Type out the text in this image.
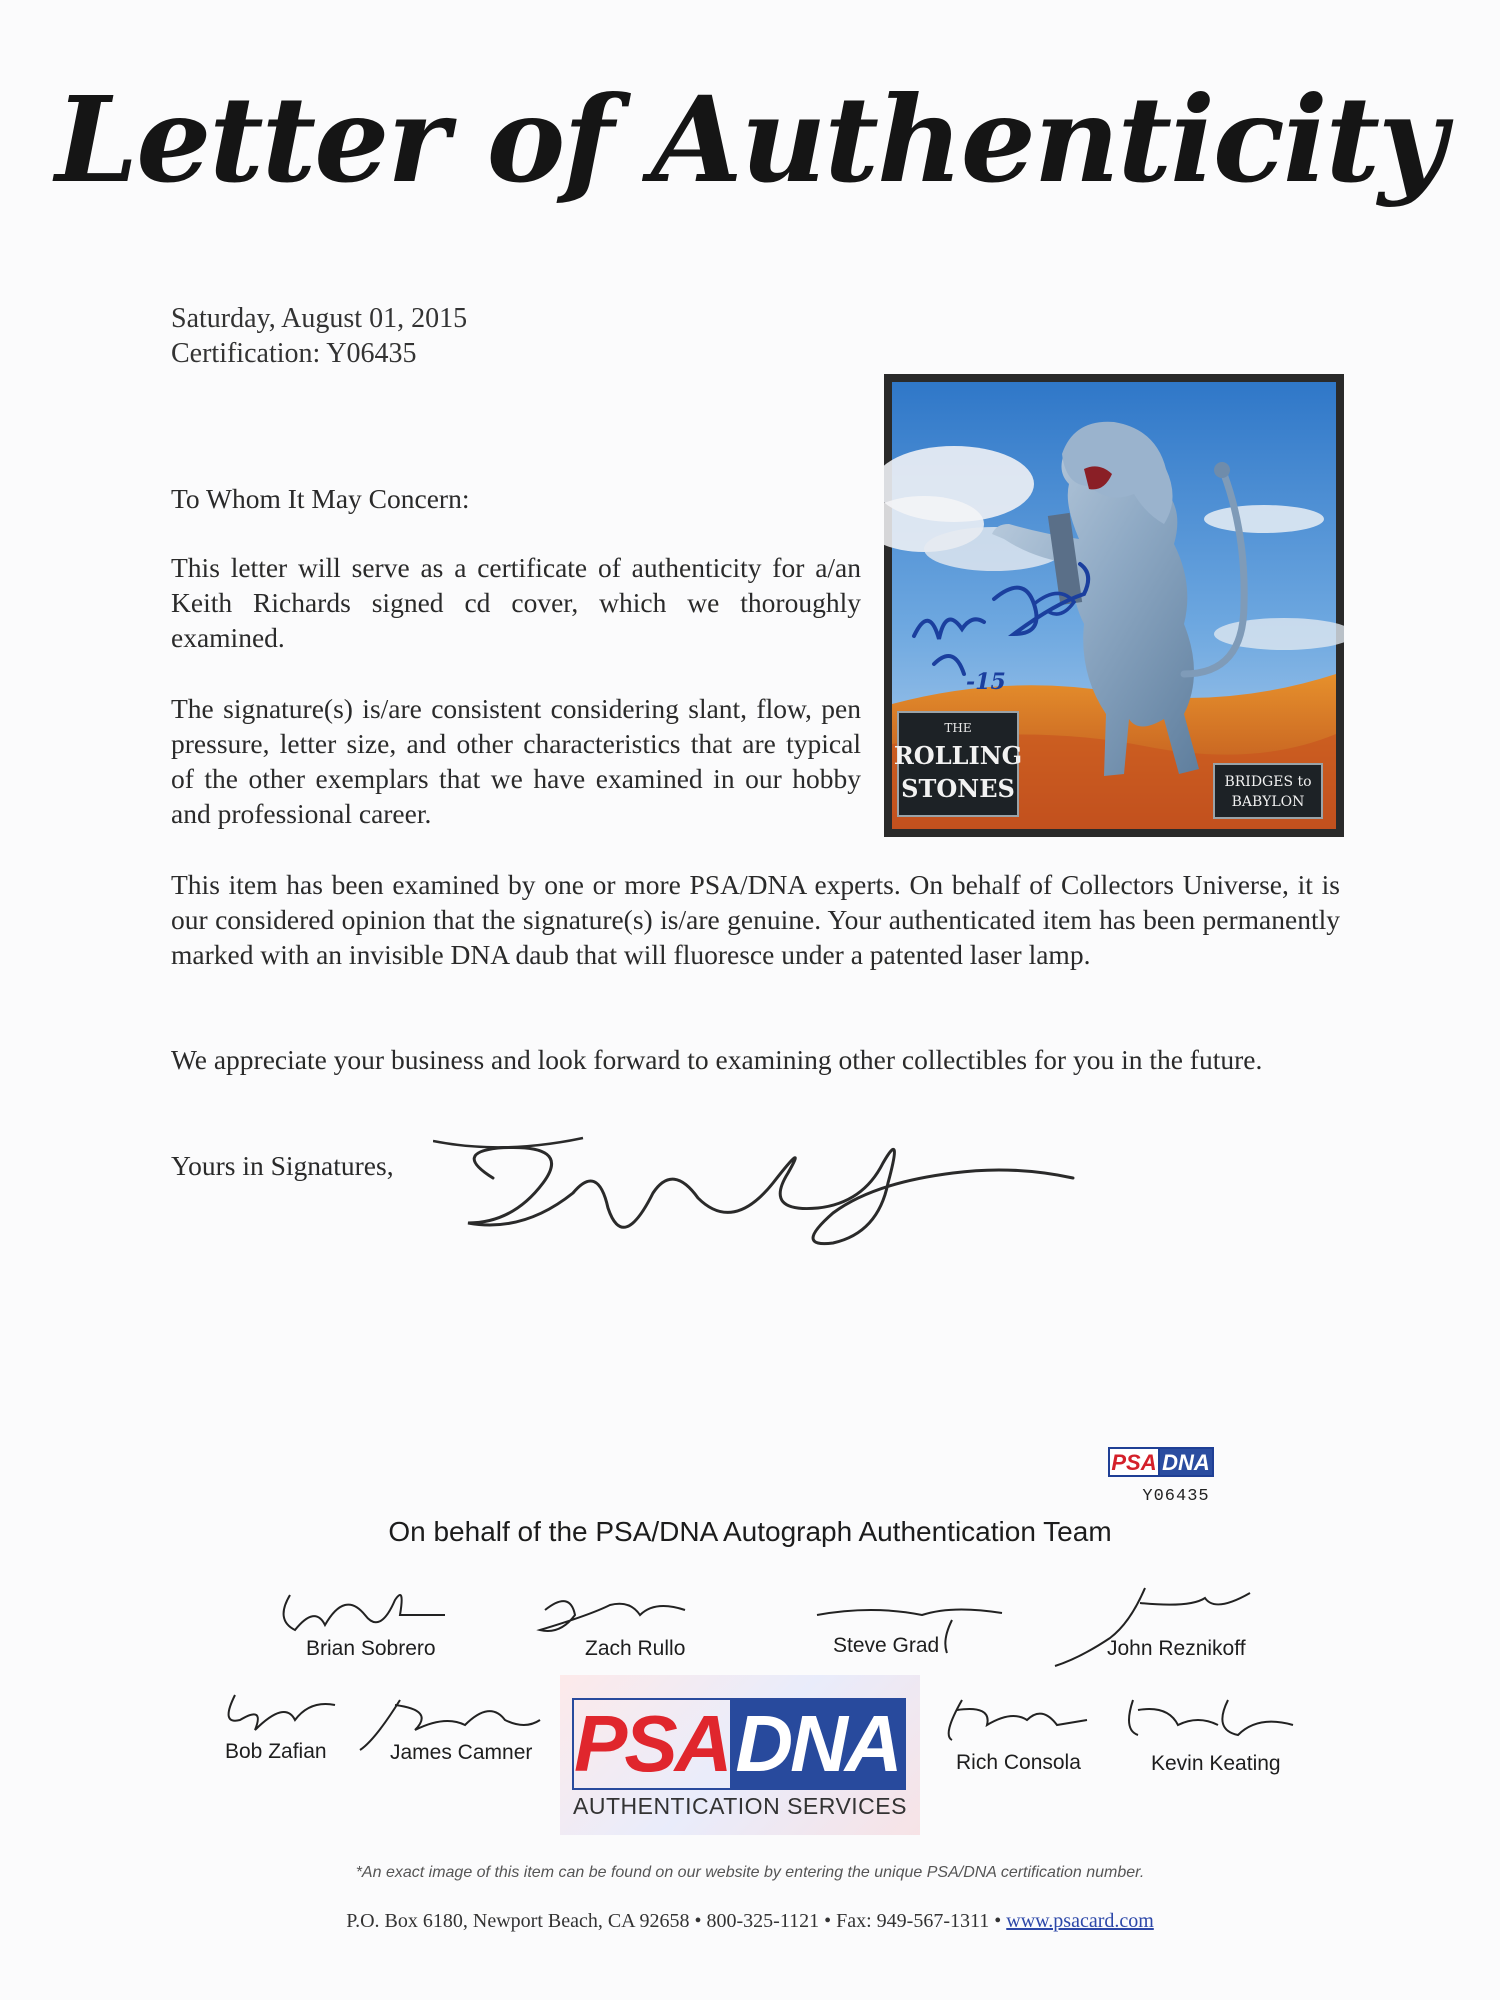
Letter of Authenticity
Saturday, August 01, 2015
Certification: Y06435
To Whom It May Concern:
This letter will serve as a certificate of authenticity for a/an Keith Richards signed cd cover, which we thoroughly examined.
The signature(s) is/are consistent considering slant, flow, pen pressure, letter size, and other characteristics that are typical of the other exemplars that we have examined in our hobby and professional career.
This item has been examined by one or more PSA/DNA experts. On behalf of Collectors Universe, it is our considered opinion that the signature(s) is/are genuine. Your authenticated item has been permanently marked with an invisible DNA daub that will fluoresce under a patented laser lamp.
We appreciate your business and look forward to examining other collectibles for you in the future.
Yours in Signatures,
-15
THE
ROLLING
STONES	BRIDGES to
BABYLON
PSA DNA
Y06435
On behalf of the PSA/DNA Autograph Authentication Team
Brian Sobrero	Zach Rullo	Steve Grad	John Reznikoff
Bob Zafian	James Camner	Rich Consola	Kevin Keating
PSA DNA
AUTHENTICATION SERVICES
*An exact image of this item can be found on our website by entering the unique PSA/DNA certification number.
P.O. Box 6180, Newport Beach, CA 92658 • 800-325-1121 • Fax: 949-567-1311 • www.psacard.com
